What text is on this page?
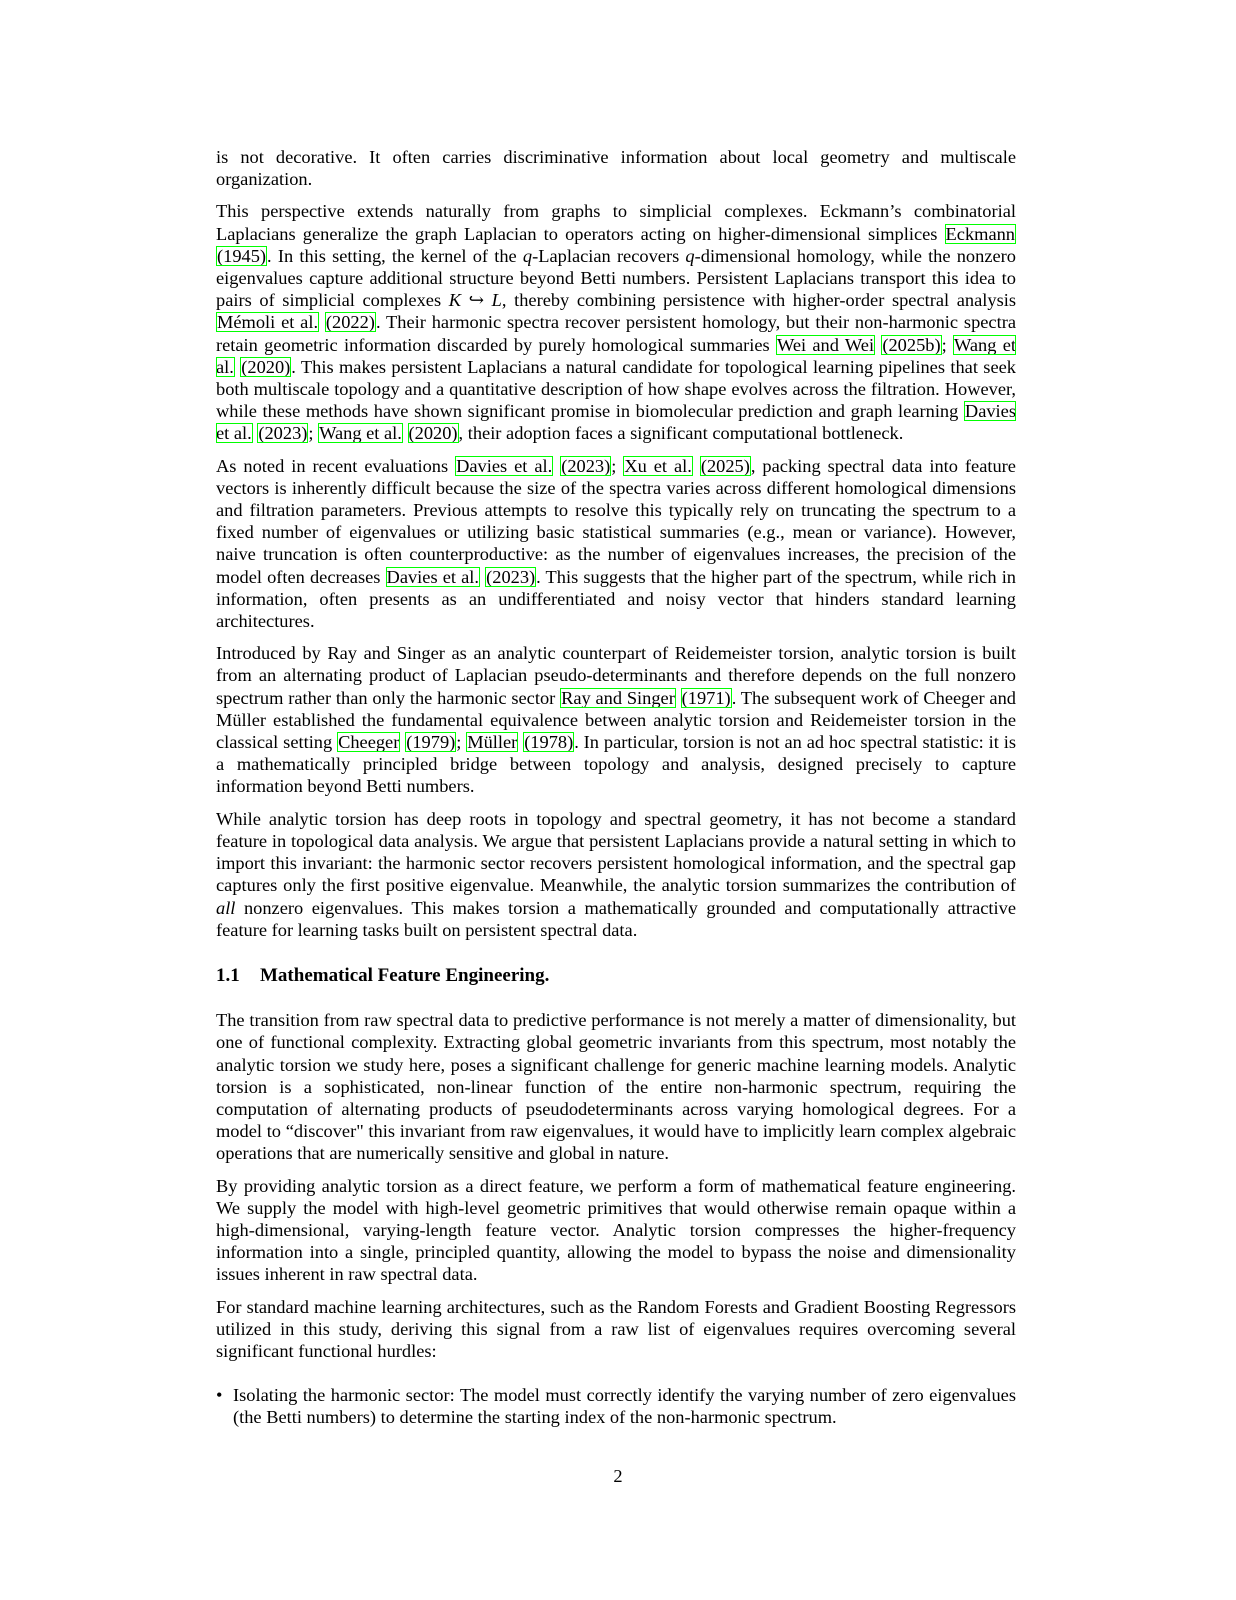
is not decorative. It often carries discriminative information about local geometry and multiscale organization.

This perspective extends naturally from graphs to simplicial complexes. Eckmann’s combinatorial Laplacians generalize the graph Laplacian to operators acting on higher-dimensional simplices Eckmann (1945). In this setting, the kernel of the q-Laplacian recovers q-dimensional homology, while the nonzero eigenvalues capture additional structure beyond Betti numbers. Persistent Laplacians transport this idea to pairs of simplicial complexes K ↪ L, thereby combining persistence with higher-order spectral analysis Mémoli et al. (2022). Their harmonic spectra recover persistent homology, but their non-harmonic spectra retain geometric information discarded by purely homological summaries Wei and Wei (2025b); Wang et al. (2020). This makes persistent Laplacians a natural candidate for topological learning pipelines that seek both multiscale topology and a quantitative description of how shape evolves across the filtration. However, while these methods have shown significant promise in biomolecular prediction and graph learning Davies et al. (2023); Wang et al. (2020), their adoption faces a significant computational bottleneck.

As noted in recent evaluations Davies et al. (2023); Xu et al. (2025), packing spectral data into feature vectors is inherently difficult because the size of the spectra varies across different homological dimensions and filtration parameters. Previous attempts to resolve this typically rely on truncating the spectrum to a fixed number of eigenvalues or utilizing basic statistical summaries (e.g., mean or variance). However, naive truncation is often counterproductive: as the number of eigenvalues increases, the precision of the model often decreases Davies et al. (2023). This suggests that the higher part of the spectrum, while rich in information, often presents as an undifferentiated and noisy vector that hinders standard learning architectures.

Introduced by Ray and Singer as an analytic counterpart of Reidemeister torsion, analytic torsion is built from an alternating product of Laplacian pseudo-determinants and therefore depends on the full nonzero spectrum rather than only the harmonic sector Ray and Singer (1971). The subsequent work of Cheeger and Müller established the fundamental equivalence between analytic torsion and Reidemeister torsion in the classical setting Cheeger (1979); Müller (1978). In particular, torsion is not an ad hoc spectral statistic: it is a mathematically principled bridge between topology and analysis, designed precisely to capture information beyond Betti numbers.

While analytic torsion has deep roots in topology and spectral geometry, it has not become a standard feature in topological data analysis. We argue that persistent Laplacians provide a natural setting in which to import this invariant: the harmonic sector recovers persistent homological information, and the spectral gap captures only the first positive eigenvalue. Meanwhile, the analytic torsion summarizes the contribution of all nonzero eigenvalues. This makes torsion a mathematically grounded and computationally attractive feature for learning tasks built on persistent spectral data.

1.1 Mathematical Feature Engineering.

The transition from raw spectral data to predictive performance is not merely a matter of dimensionality, but one of functional complexity. Extracting global geometric invariants from this spectrum, most notably the analytic torsion we study here, poses a significant challenge for generic machine learning models. Analytic torsion is a sophisticated, non-linear function of the entire non-harmonic spectrum, requiring the computation of alternating products of pseudodeterminants across varying homological degrees. For a model to “discover" this invariant from raw eigenvalues, it would have to implicitly learn complex algebraic operations that are numerically sensitive and global in nature.

By providing analytic torsion as a direct feature, we perform a form of mathematical feature engineering. We supply the model with high-level geometric primitives that would otherwise remain opaque within a high-dimensional, varying-length feature vector. Analytic torsion compresses the higher-frequency information into a single, principled quantity, allowing the model to bypass the noise and dimensionality issues inherent in raw spectral data.

For standard machine learning architectures, such as the Random Forests and Gradient Boosting Regressors utilized in this study, deriving this signal from a raw list of eigenvalues requires overcoming several significant functional hurdles:

• Isolating the harmonic sector: The model must correctly identify the varying number of zero eigenvalues (the Betti numbers) to determine the starting index of the non-harmonic spectrum.
2
